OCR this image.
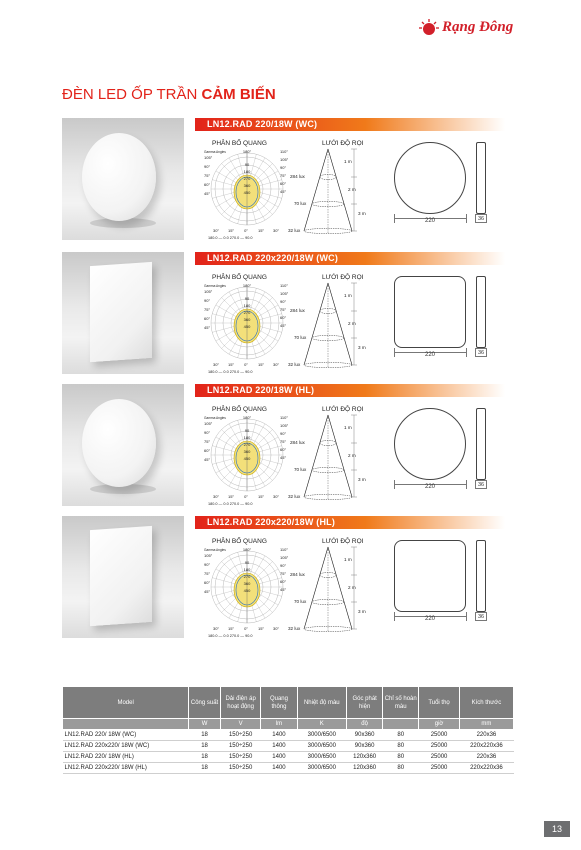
Rạng Đông
ĐÈN LED ỐP TRẦN CẢM BIẾN
LN12.RAD 220/18W (WC)
PHÂN BỐ QUANG	LƯỚI ĐỘ RỌI
Gamma Angles	180°
105°
90°
75°
60°
45°
110°
105°
90°
75°
60°
45°
90
180
270
360
450
30° 15°	0°	15° 30°
180.0 — 0.0 270.0 — 90.0
1 m
2 m
3 m
284 lux
70 lux
32 lux
220	36
LN12.RAD 220x220/18W (WC)
PHÂN BỐ QUANG	LƯỚI ĐỘ RỌI
Gamma Angles	180°
105°
90°
75°
60°
45°
110°
105°
90°
75°
60°
45°
90
180
270
360
450
30° 15°	0°	15° 30°
180.0 — 0.0 270.0 — 90.0
1 m
2 m
3 m
284 lux
70 lux
32 lux
220	36
LN12.RAD 220/18W (HL)
PHÂN BỐ QUANG	LƯỚI ĐỘ RỌI
Gamma Angles	180°
105°
90°
75°
60°
45°
110°
105°
90°
75°
60°
45°
90
180
270
360
450
30° 15°	0°	15° 30°
180.0 — 0.0 270.0 — 90.0
1 m
2 m
3 m
284 lux
70 lux
32 lux
220	36
LN12.RAD 220x220/18W (HL)
PHÂN BỐ QUANG	LƯỚI ĐỘ RỌI
Gamma Angles	180°
105°
90°
75°
60°
45°
110°
105°
90°
75°
60°
45°
90
180
270
360
450
30° 15°	0°	15° 30°
180.0 — 0.0 270.0 — 90.0
1 m
2 m
3 m
284 lux
70 lux
32 lux
220	36
Model	Công suất	Dải điện áp hoạt động	Quang thông	Nhiệt độ màu	Góc phát hiện	Chỉ số hoàn màu	Tuổi thọ	Kích thước
	W	V	lm	K	độ		giờ	mm
LN12.RAD 220/ 18W (WC)	18	150÷250	1400	3000/6500	90x360	80	25000	220x36
LN12.RAD 220x220/ 18W (WC)	18	150÷250	1400	3000/6500	90x360	80	25000	220x220x36
LN12.RAD 220/ 18W (HL)	18	150÷250	1400	3000/6500	120x360	80	25000	220x36
LN12.RAD 220x220/ 18W (HL)	18	150÷250	1400	3000/6500	120x360	80	25000	220x220x36
13
